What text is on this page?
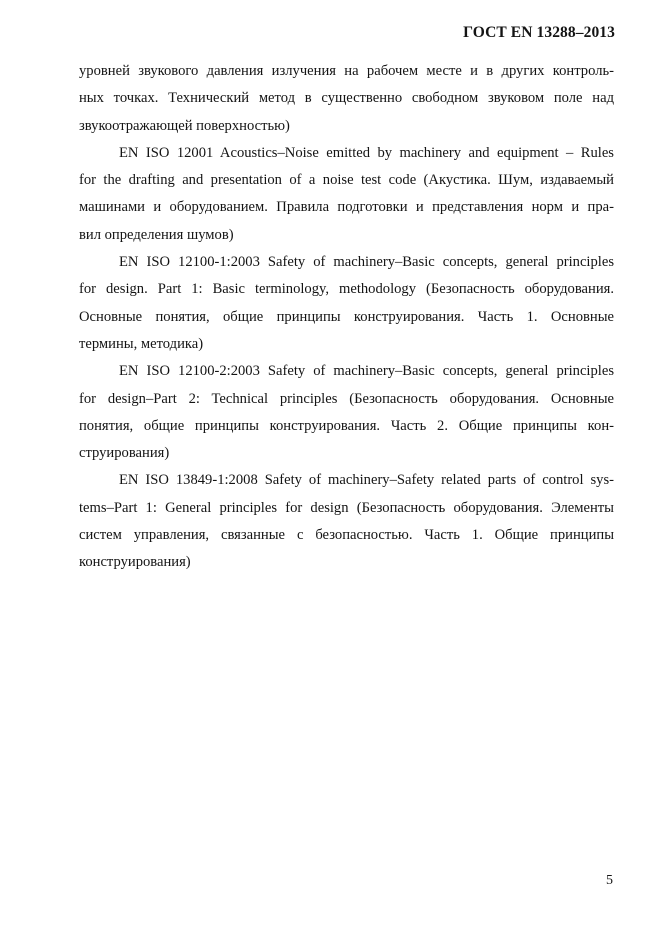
ГОСТ EN 13288–2013
уровней звукового давления излучения на рабочем месте и в других контроль-
ных точках. Технический метод в существенно свободном звуковом поле над
звукоотражающей поверхностью)
EN ISO 12001 Acoustics–Noise emitted by machinery and equipment – Rules
for the drafting and presentation of a noise test code (Акустика. Шум, издаваемый
машинами и оборудованием. Правила подготовки и представления норм и пра-
вил определения шумов)
EN ISO 12100-1:2003 Safety of machinery–Basic concepts, general principles
for design. Part 1: Basic terminology, methodology (Безопасность оборудования.
Основные понятия, общие принципы конструирования. Часть 1. Основные
термины, методика)
EN ISO 12100-2:2003 Safety of machinery–Basic concepts, general principles
for design–Part 2: Technical principles (Безопасность оборудования. Основные
понятия, общие принципы конструирования. Часть 2. Общие принципы кон-
струирования)
EN ISO 13849-1:2008 Safety of machinery–Safety related parts of control sys-
tems–Part 1: General principles for design (Безопасность оборудования. Элементы
систем управления, связанные с безопасностью. Часть 1. Общие принципы
конструирования)
5
